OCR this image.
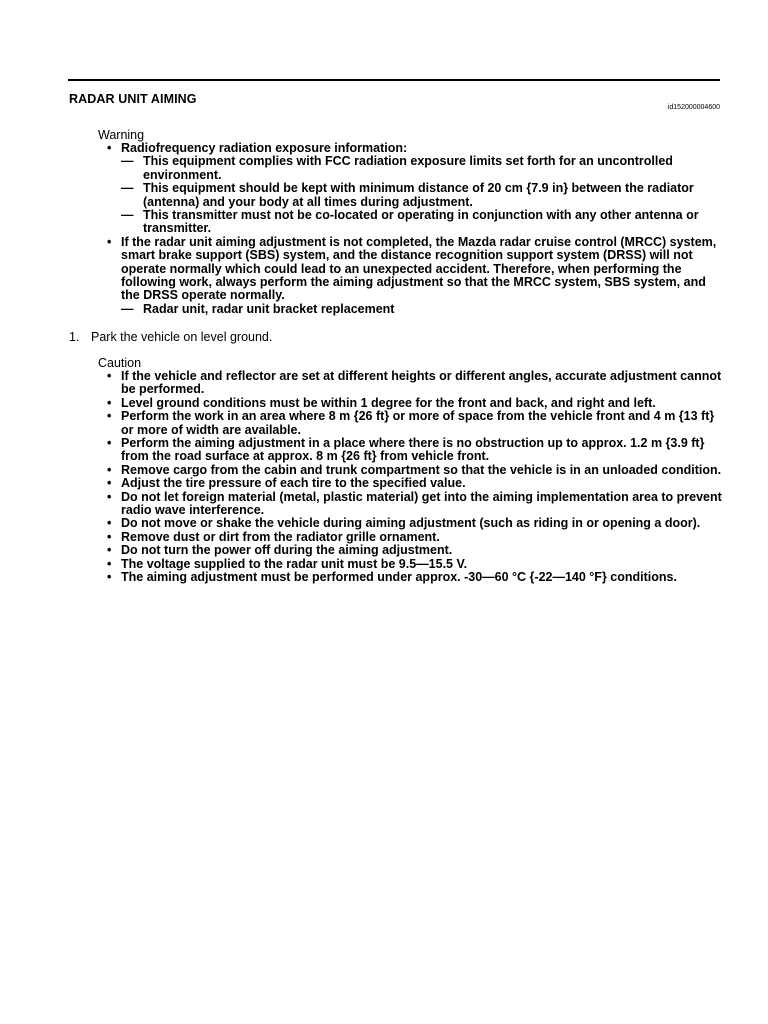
RADAR UNIT AIMING
id152000004600
Warning
• Radiofrequency radiation exposure information:
— This equipment complies with FCC radiation exposure limits set forth for an uncontrolled environment.
— This equipment should be kept with minimum distance of 20 cm {7.9 in} between the radiator (antenna) and your body at all times during adjustment.
— This transmitter must not be co-located or operating in conjunction with any other antenna or transmitter.
• If the radar unit aiming adjustment is not completed, the Mazda radar cruise control (MRCC) system, smart brake support (SBS) system, and the distance recognition support system (DRSS) will not operate normally which could lead to an unexpected accident. Therefore, when performing the following work, always perform the aiming adjustment so that the MRCC system, SBS system, and the DRSS operate normally.
— Radar unit, radar unit bracket replacement
1. Park the vehicle on level ground.
Caution
• If the vehicle and reflector are set at different heights or different angles, accurate adjustment cannot be performed.
• Level ground conditions must be within 1 degree for the front and back, and right and left.
• Perform the work in an area where 8 m {26 ft} or more of space from the vehicle front and 4 m {13 ft} or more of width are available.
• Perform the aiming adjustment in a place where there is no obstruction up to approx. 1.2 m {3.9 ft} from the road surface at approx. 8 m {26 ft} from vehicle front.
• Remove cargo from the cabin and trunk compartment so that the vehicle is in an unloaded condition.
• Adjust the tire pressure of each tire to the specified value.
• Do not let foreign material (metal, plastic material) get into the aiming implementation area to prevent radio wave interference.
• Do not move or shake the vehicle during aiming adjustment (such as riding in or opening a door).
• Remove dust or dirt from the radiator grille ornament.
• Do not turn the power off during the aiming adjustment.
• The voltage supplied to the radar unit must be 9.5—15.5 V.
• The aiming adjustment must be performed under approx. -30—60 °C {-22—140 °F} conditions.
